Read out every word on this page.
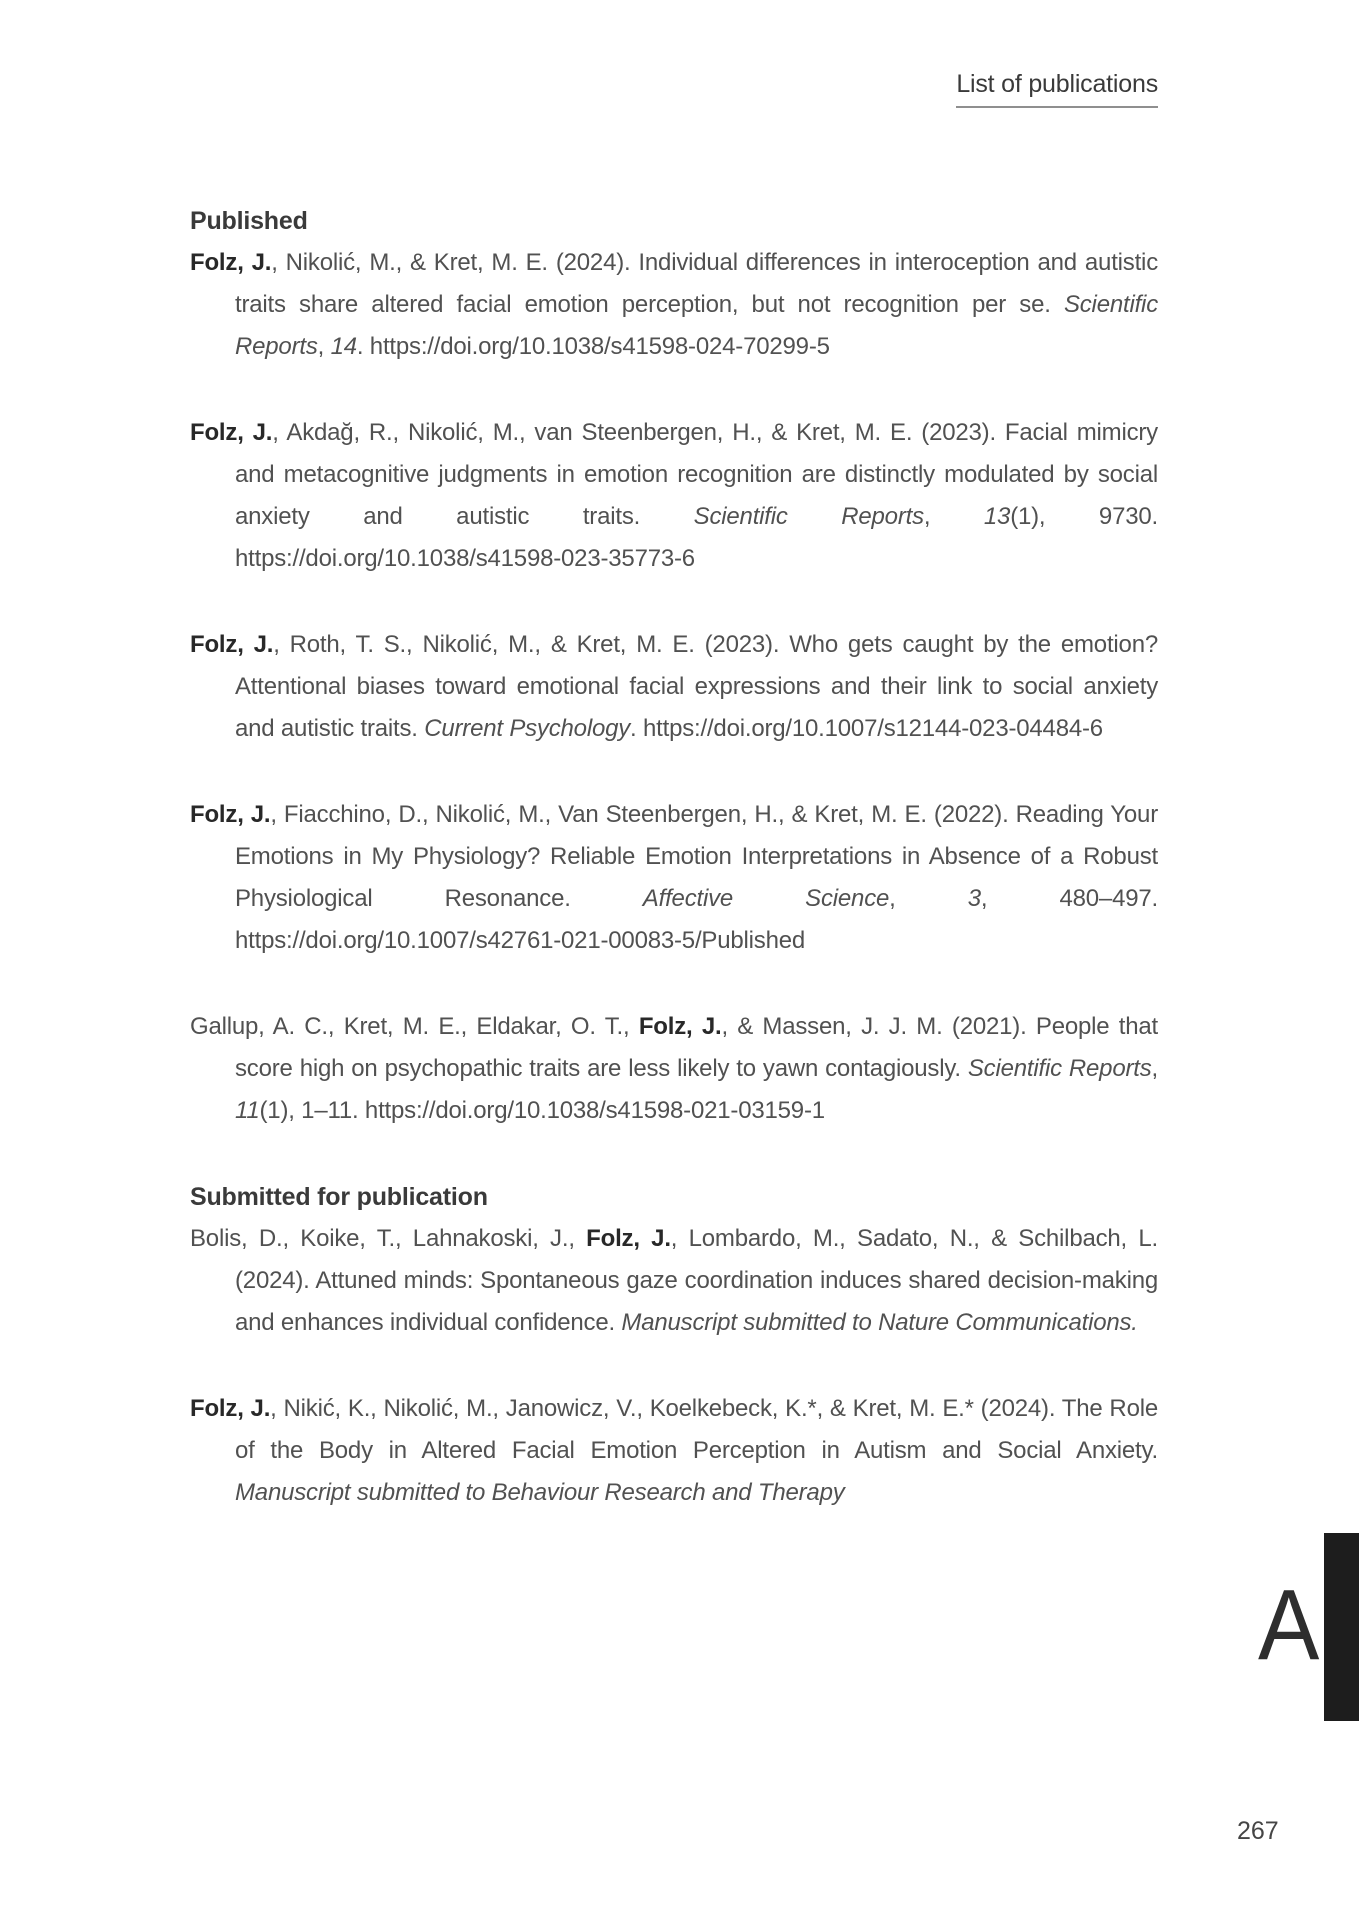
List of publications
Published

Folz, J., Nikolić, M., & Kret, M. E. (2024). Individual differences in interoception and autistic traits share altered facial emotion perception, but not recognition per se. Scientific Reports, 14. https://doi.org/10.1038/s41598-024-70299-5

Folz, J., Akdağ, R., Nikolić, M., van Steenbergen, H., & Kret, M. E. (2023). Facial mimicry and metacognitive judgments in emotion recognition are distinctly modulated by social anxiety and autistic traits. Scientific Reports, 13(1), 9730. https://doi.org/10.1038/s41598-023-35773-6

Folz, J., Roth, T. S., Nikolić, M., & Kret, M. E. (2023). Who gets caught by the emotion? Attentional biases toward emotional facial expressions and their link to social anxiety and autistic traits. Current Psychology. https://doi.org/10.1007/s12144-023-04484-6

Folz, J., Fiacchino, D., Nikolić, M., Van Steenbergen, H., & Kret, M. E. (2022). Reading Your Emotions in My Physiology? Reliable Emotion Interpretations in Absence of a Robust Physiological Resonance. Affective Science, 3, 480–497. https://doi.org/10.1007/s42761-021-00083-5/Published

Gallup, A. C., Kret, M. E., Eldakar, O. T., Folz, J., & Massen, J. J. M. (2021). People that score high on psychopathic traits are less likely to yawn contagiously. Scientific Reports, 11(1), 1–11. https://doi.org/10.1038/s41598-021-03159-1

Submitted for publication

Bolis, D., Koike, T., Lahnakoski, J., Folz, J., Lombardo, M., Sadato, N., & Schilbach, L. (2024). Attuned minds: Spontaneous gaze coordination induces shared decision-making and enhances individual confidence. Manuscript submitted to Nature Communications.

Folz, J., Nikić, K., Nikolić, M., Janowicz, V., Koelkebeck, K.*, & Kret, M. E.* (2024). The Role of the Body in Altered Facial Emotion Perception in Autism and Social Anxiety. Manuscript submitted to Behaviour Research and Therapy

A
267
